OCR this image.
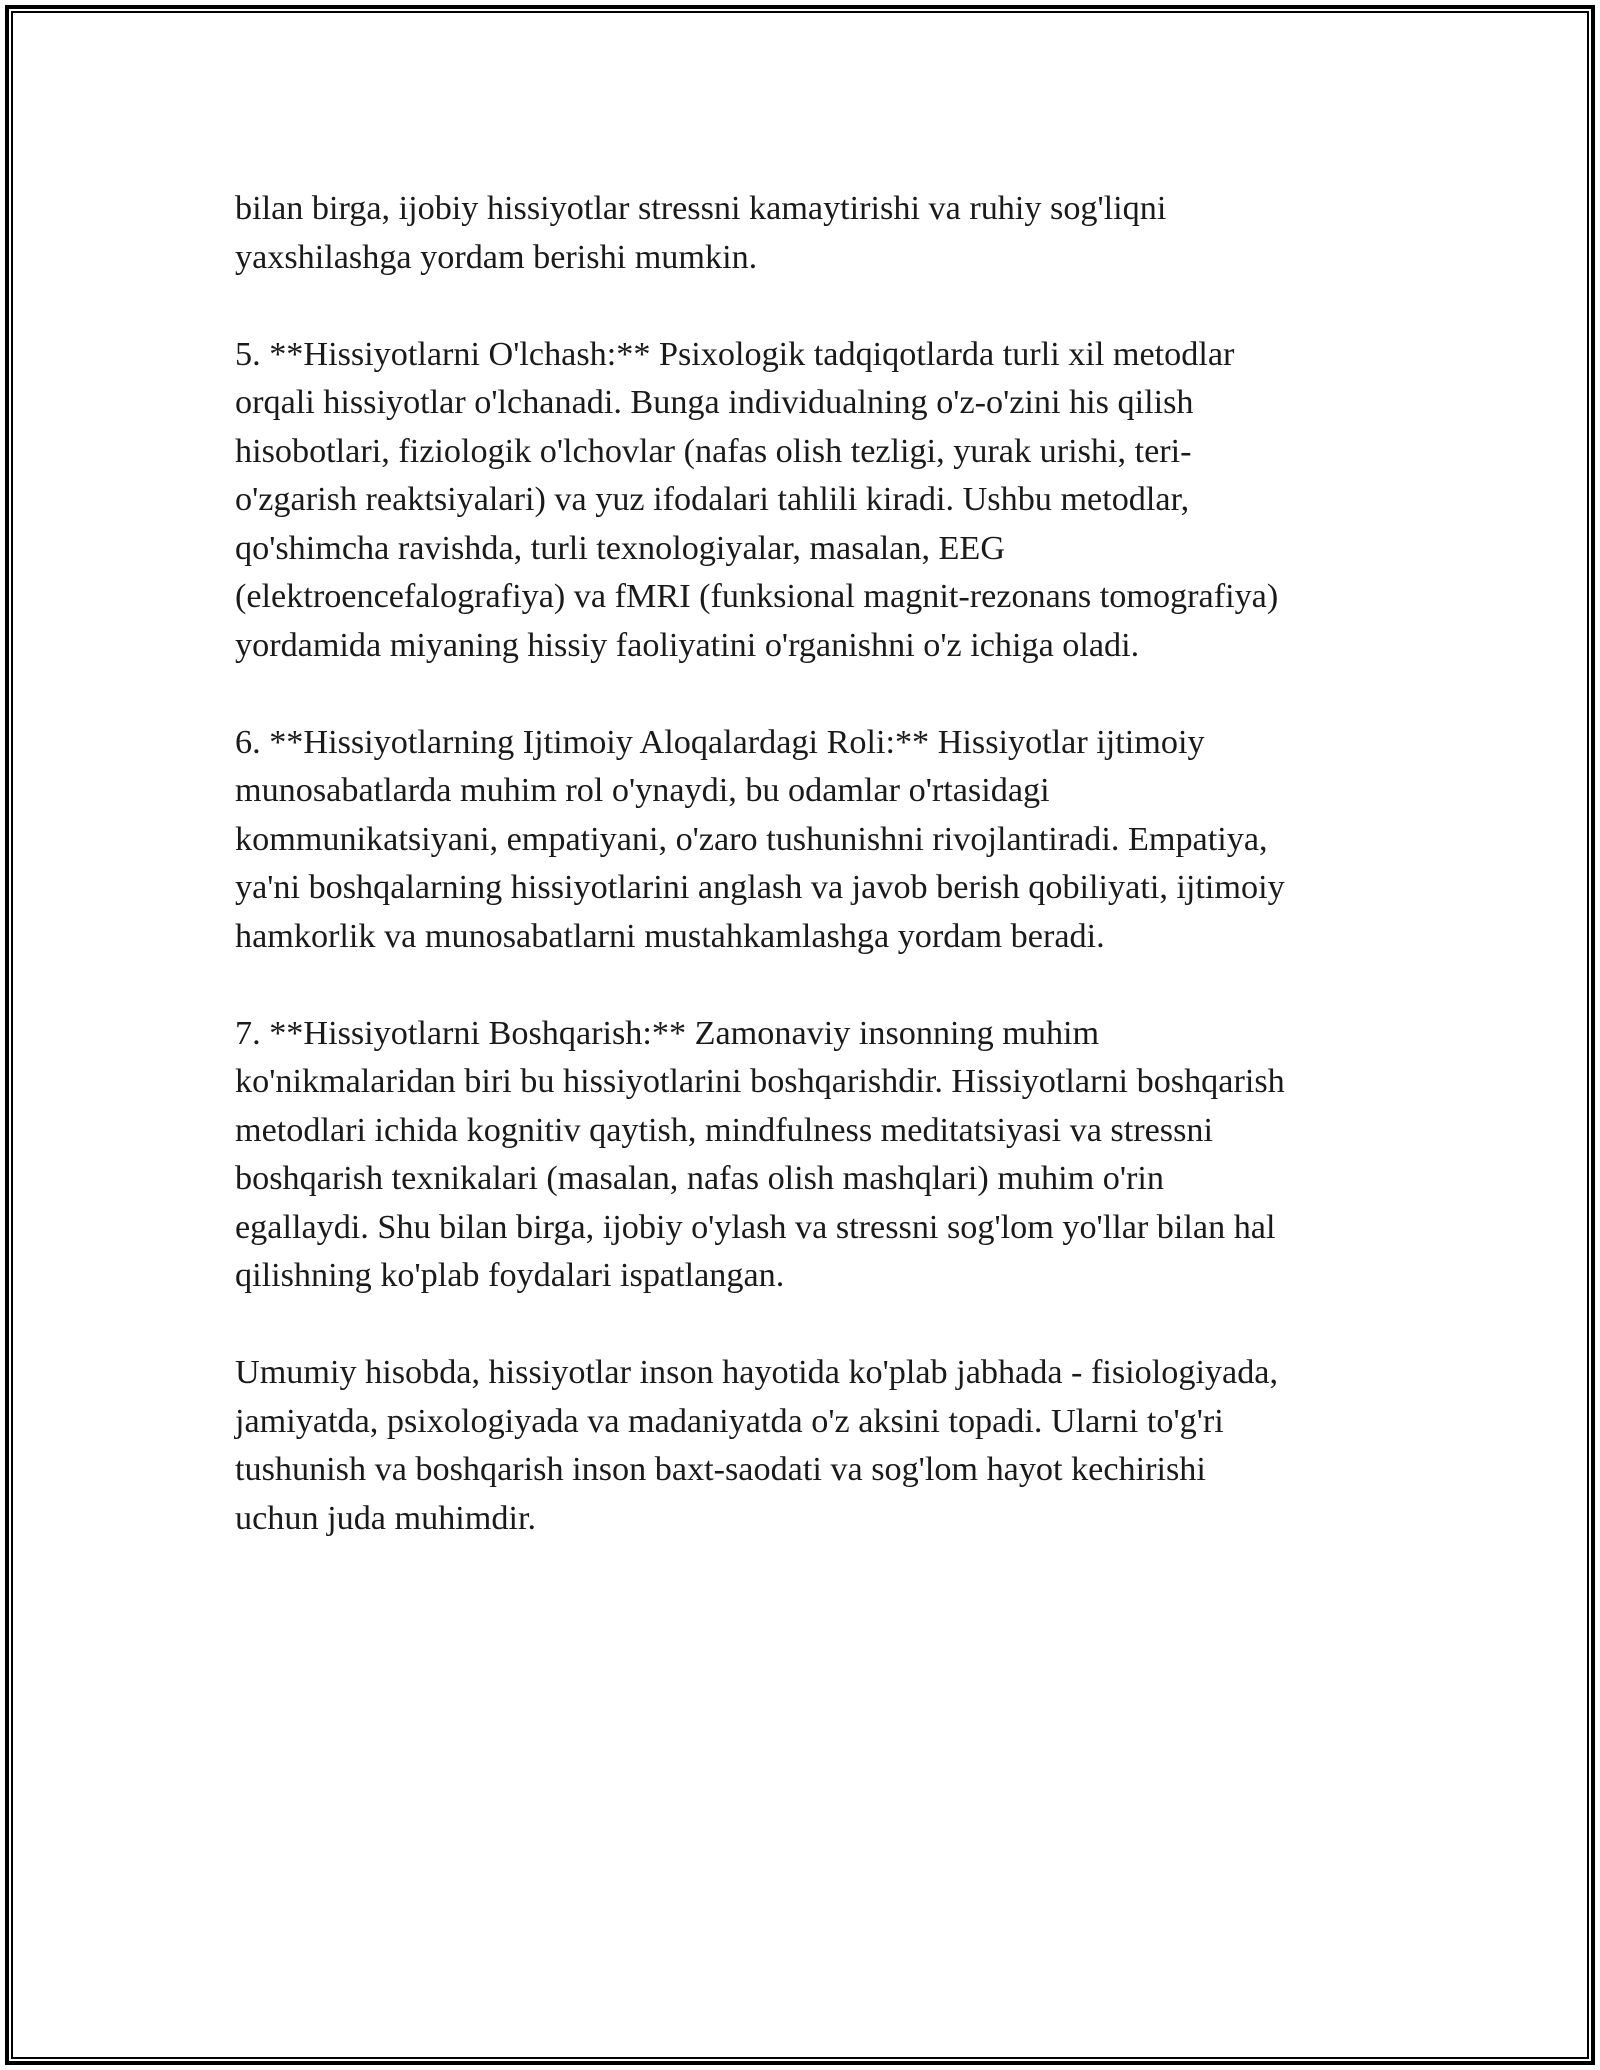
bilan birga, ijobiy hissiyotlar stressni kamaytirishi va ruhiy sog'liqni
yaxshilashga yordam berishi mumkin.

5. **Hissiyotlarni O'lchash:** Psixologik tadqiqotlarda turli xil metodlar
orqali hissiyotlar o'lchanadi. Bunga individualning o'z-o'zini his qilish
hisobotlari, fiziologik o'lchovlar (nafas olish tezligi, yurak urishi, teri-
o'zgarish reaktsiyalari) va yuz ifodalari tahlili kiradi. Ushbu metodlar,
qo'shimcha ravishda, turli texnologiyalar, masalan, EEG
(elektroencefalografiya) va fMRI (funksional magnit-rezonans tomografiya)
yordamida miyaning hissiy faoliyatini o'rganishni o'z ichiga oladi.

6. **Hissiyotlarning Ijtimoiy Aloqalardagi Roli:** Hissiyotlar ijtimoiy
munosabatlarda muhim rol o'ynaydi, bu odamlar o'rtasidagi
kommunikatsiyani, empatiyani, o'zaro tushunishni rivojlantiradi. Empatiya,
ya'ni boshqalarning hissiyotlarini anglash va javob berish qobiliyati, ijtimoiy
hamkorlik va munosabatlarni mustahkamlashga yordam beradi.

7. **Hissiyotlarni Boshqarish:** Zamonaviy insonning muhim
ko'nikmalaridan biri bu hissiyotlarini boshqarishdir. Hissiyotlarni boshqarish
metodlari ichida kognitiv qaytish, mindfulness meditatsiyasi va stressni
boshqarish texnikalari (masalan, nafas olish mashqlari) muhim o'rin
egallaydi. Shu bilan birga, ijobiy o'ylash va stressni sog'lom yo'llar bilan hal
qilishning ko'plab foydalari ispatlangan.

Umumiy hisobda, hissiyotlar inson hayotida ko'plab jabhada - fisiologiyada,
jamiyatda, psixologiyada va madaniyatda o'z aksini topadi. Ularni to'g'ri
tushunish va boshqarish inson baxt-saodati va sog'lom hayot kechirishi
uchun juda muhimdir.
